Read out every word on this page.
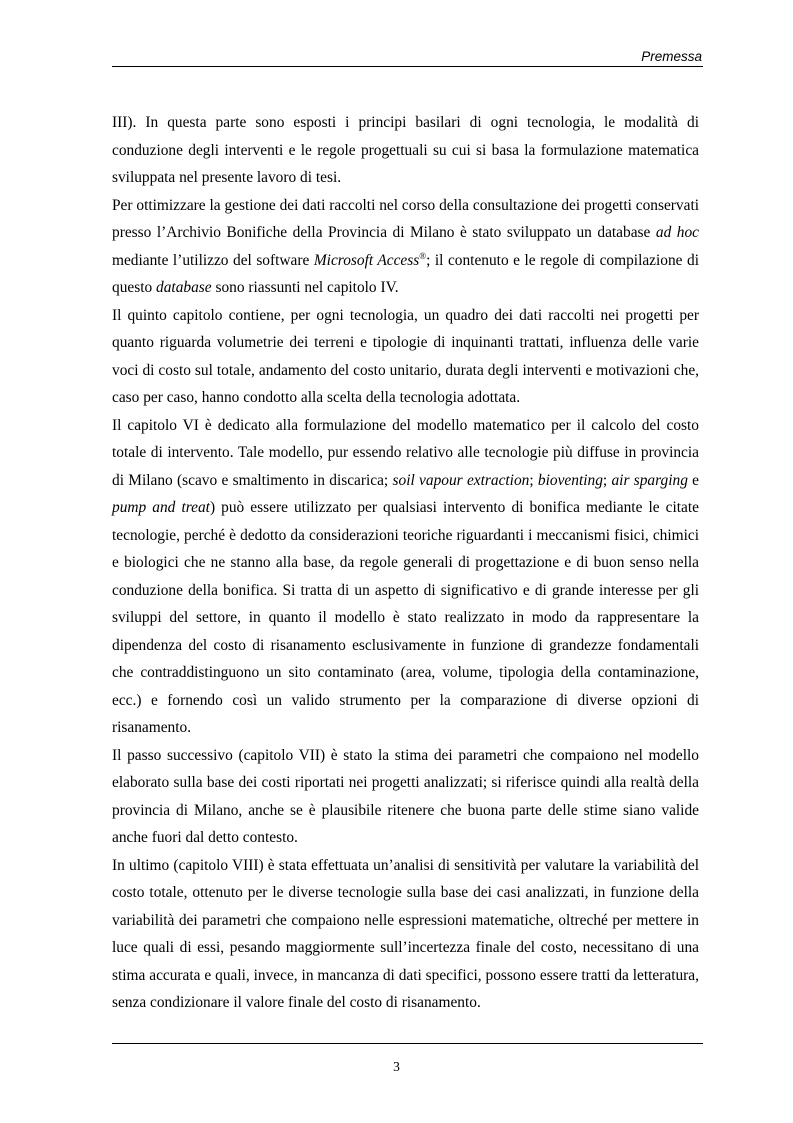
Premessa

III). In questa parte sono esposti i principi basilari di ogni tecnologia, le modalità di conduzione degli interventi e le regole progettuali su cui si basa la formulazione matematica sviluppata nel presente lavoro di tesi.

Per ottimizzare la gestione dei dati raccolti nel corso della consultazione dei progetti conservati presso l’Archivio Bonifiche della Provincia di Milano è stato sviluppato un database ad hoc mediante l’utilizzo del software Microsoft Access®; il contenuto e le regole di compilazione di questo database sono riassunti nel capitolo IV.

Il quinto capitolo contiene, per ogni tecnologia, un quadro dei dati raccolti nei progetti per quanto riguarda volumetrie dei terreni e tipologie di inquinanti trattati, influenza delle varie voci di costo sul totale, andamento del costo unitario, durata degli interventi e motivazioni che, caso per caso, hanno condotto alla scelta della tecnologia adottata.

Il capitolo VI è dedicato alla formulazione del modello matematico per il calcolo del costo totale di intervento. Tale modello, pur essendo relativo alle tecnologie più diffuse in provincia di Milano (scavo e smaltimento in discarica; soil vapour extraction; bioventing; air sparging e pump and treat) può essere utilizzato per qualsiasi intervento di bonifica mediante le citate tecnologie, perché è dedotto da considerazioni teoriche riguardanti i meccanismi fisici, chimici e biologici che ne stanno alla base, da regole generali di progettazione e di buon senso nella conduzione della bonifica. Si tratta di un aspetto di significativo e di grande interesse per gli sviluppi del settore, in quanto il modello è stato realizzato in modo da rappresentare la dipendenza del costo di risanamento esclusivamente in funzione di grandezze fondamentali che contraddistinguono un sito contaminato (area, volume, tipologia della contaminazione, ecc.) e fornendo così un valido strumento per la comparazione di diverse opzioni di risanamento.

Il passo successivo (capitolo VII) è stato la stima dei parametri che compaiono nel modello elaborato sulla base dei costi riportati nei progetti analizzati; si riferisce quindi alla realtà della provincia di Milano, anche se è plausibile ritenere che buona parte delle stime siano valide anche fuori dal detto contesto.

In ultimo (capitolo VIII) è stata effettuata un’analisi di sensitività per valutare la variabilità del costo totale, ottenuto per le diverse tecnologie sulla base dei casi analizzati, in funzione della variabilità dei parametri che compaiono nelle espressioni matematiche, oltreché per mettere in luce quali di essi, pesando maggiormente sull’incertezza finale del costo, necessitano di una stima accurata e quali, invece, in mancanza di dati specifici, possono essere tratti da letteratura, senza condizionare il valore finale del costo di risanamento.

3
